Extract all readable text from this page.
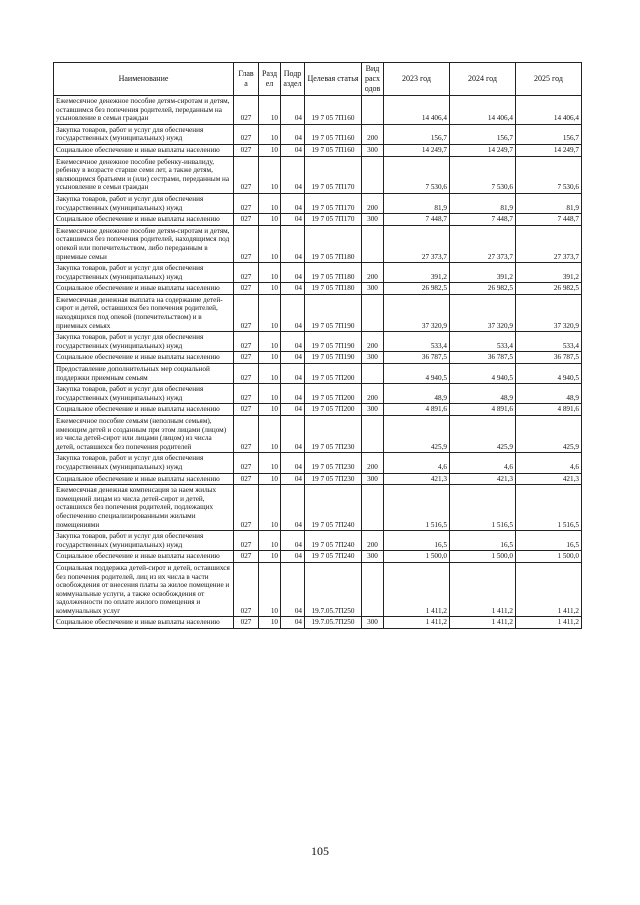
Наименование	Глав а	Разд ел	Подр аздел	Целевая статья	Вид расх одов	2023 год	2024 год	2025 год
Ежемесячное денежное пособие детям-сиротам и детям, оставшимся без попечения родителей, переданным на усыновление в семьи граждан	027	10	04	19 7 05 7П160		14 406,4	14 406,4	14 406,4
Закупка товаров, работ и услуг для обеспечения государственных (муниципальных) нужд	027	10	04	19 7 05 7П160	200	156,7	156,7	156,7
Социальное обеспечение и иные выплаты населению	027	10	04	19 7 05 7П160	300	14 249,7	14 249,7	14 249,7
Ежемесячное денежное пособие ребенку-инвалиду, ребенку в возрасте старше семи лет, а также детям, являющимся братьями и (или) сестрами, переданным на усыновление в семьи граждан	027	10	04	19 7 05 7П170		7 530,6	7 530,6	7 530,6
Закупка товаров, работ и услуг для обеспечения государственных (муниципальных) нужд	027	10	04	19 7 05 7П170	200	81,9	81,9	81,9
Социальное обеспечение и иные выплаты населению	027	10	04	19 7 05 7П170	300	7 448,7	7 448,7	7 448,7
Ежемесячное денежное пособие детям-сиротам и детям, оставшимся без попечения родителей, находящимся под опекой или попечительством, либо переданным в приемные семьи	027	10	04	19 7 05 7П180		27 373,7	27 373,7	27 373,7
Закупка товаров, работ и услуг для обеспечения государственных (муниципальных) нужд	027	10	04	19 7 05 7П180	200	391,2	391,2	391,2
Социальное обеспечение и иные выплаты населению	027	10	04	19 7 05 7П180	300	26 982,5	26 982,5	26 982,5
Ежемесячная денежная выплата на содержание детей-сирот и детей, оставшихся без попечения родителей, находящихся под опекой (попечительством) и в приемных семьях	027	10	04	19 7 05 7П190		37 320,9	37 320,9	37 320,9
Закупка товаров, работ и услуг для обеспечения государственных (муниципальных) нужд	027	10	04	19 7 05 7П190	200	533,4	533,4	533,4
Социальное обеспечение и иные выплаты населению	027	10	04	19 7 05 7П190	300	36 787,5	36 787,5	36 787,5
Предоставление дополнительных мер социальной поддержки приемным семьям	027	10	04	19 7 05 7П200		4 940,5	4 940,5	4 940,5
Закупка товаров, работ и услуг для обеспечения государственных (муниципальных) нужд	027	10	04	19 7 05 7П200	200	48,9	48,9	48,9
Социальное обеспечение и иные выплаты населению	027	10	04	19 7 05 7П200	300	4 891,6	4 891,6	4 891,6
Ежемесячное пособие семьям (неполным семьям), имеющим детей и созданным при этом лицами (лицом) из числа детей-сирот или лицами (лицом) из числа детей, оставшихся без попечения родителей	027	10	04	19 7 05 7П230		425,9	425,9	425,9
Закупка товаров, работ и услуг для обеспечения государственных (муниципальных) нужд	027	10	04	19 7 05 7П230	200	4,6	4,6	4,6
Социальное обеспечение и иные выплаты населению	027	10	04	19 7 05 7П230	300	421,3	421,3	421,3
Ежемесячная денежная компенсация за наем жилых помещений лицам из числа детей-сирот и детей, оставшихся без попечения родителей, подлежащих обеспечению специализированными жилыми помещениями	027	10	04	19 7 05 7П240		1 516,5	1 516,5	1 516,5
Закупка товаров, работ и услуг для обеспечения государственных (муниципальных) нужд	027	10	04	19 7 05 7П240	200	16,5	16,5	16,5
Социальное обеспечение и иные выплаты населению	027	10	04	19 7 05 7П240	300	1 500,0	1 500,0	1 500,0
Социальная поддержка детей-сирот и детей, оставшихся без попечения родителей, лиц из их числа в части освобождения от внесения платы за жилое помещение и коммунальные услуги, а также освобождения от задолженности по оплате жилого помещения и коммунальных услуг	027	10	04	19.7.05.7П250		1 411,2	1 411,2	1 411,2
Социальное обеспечение и иные выплаты населению	027	10	04	19.7.05.7П250	300	1 411,2	1 411,2	1 411,2
105
